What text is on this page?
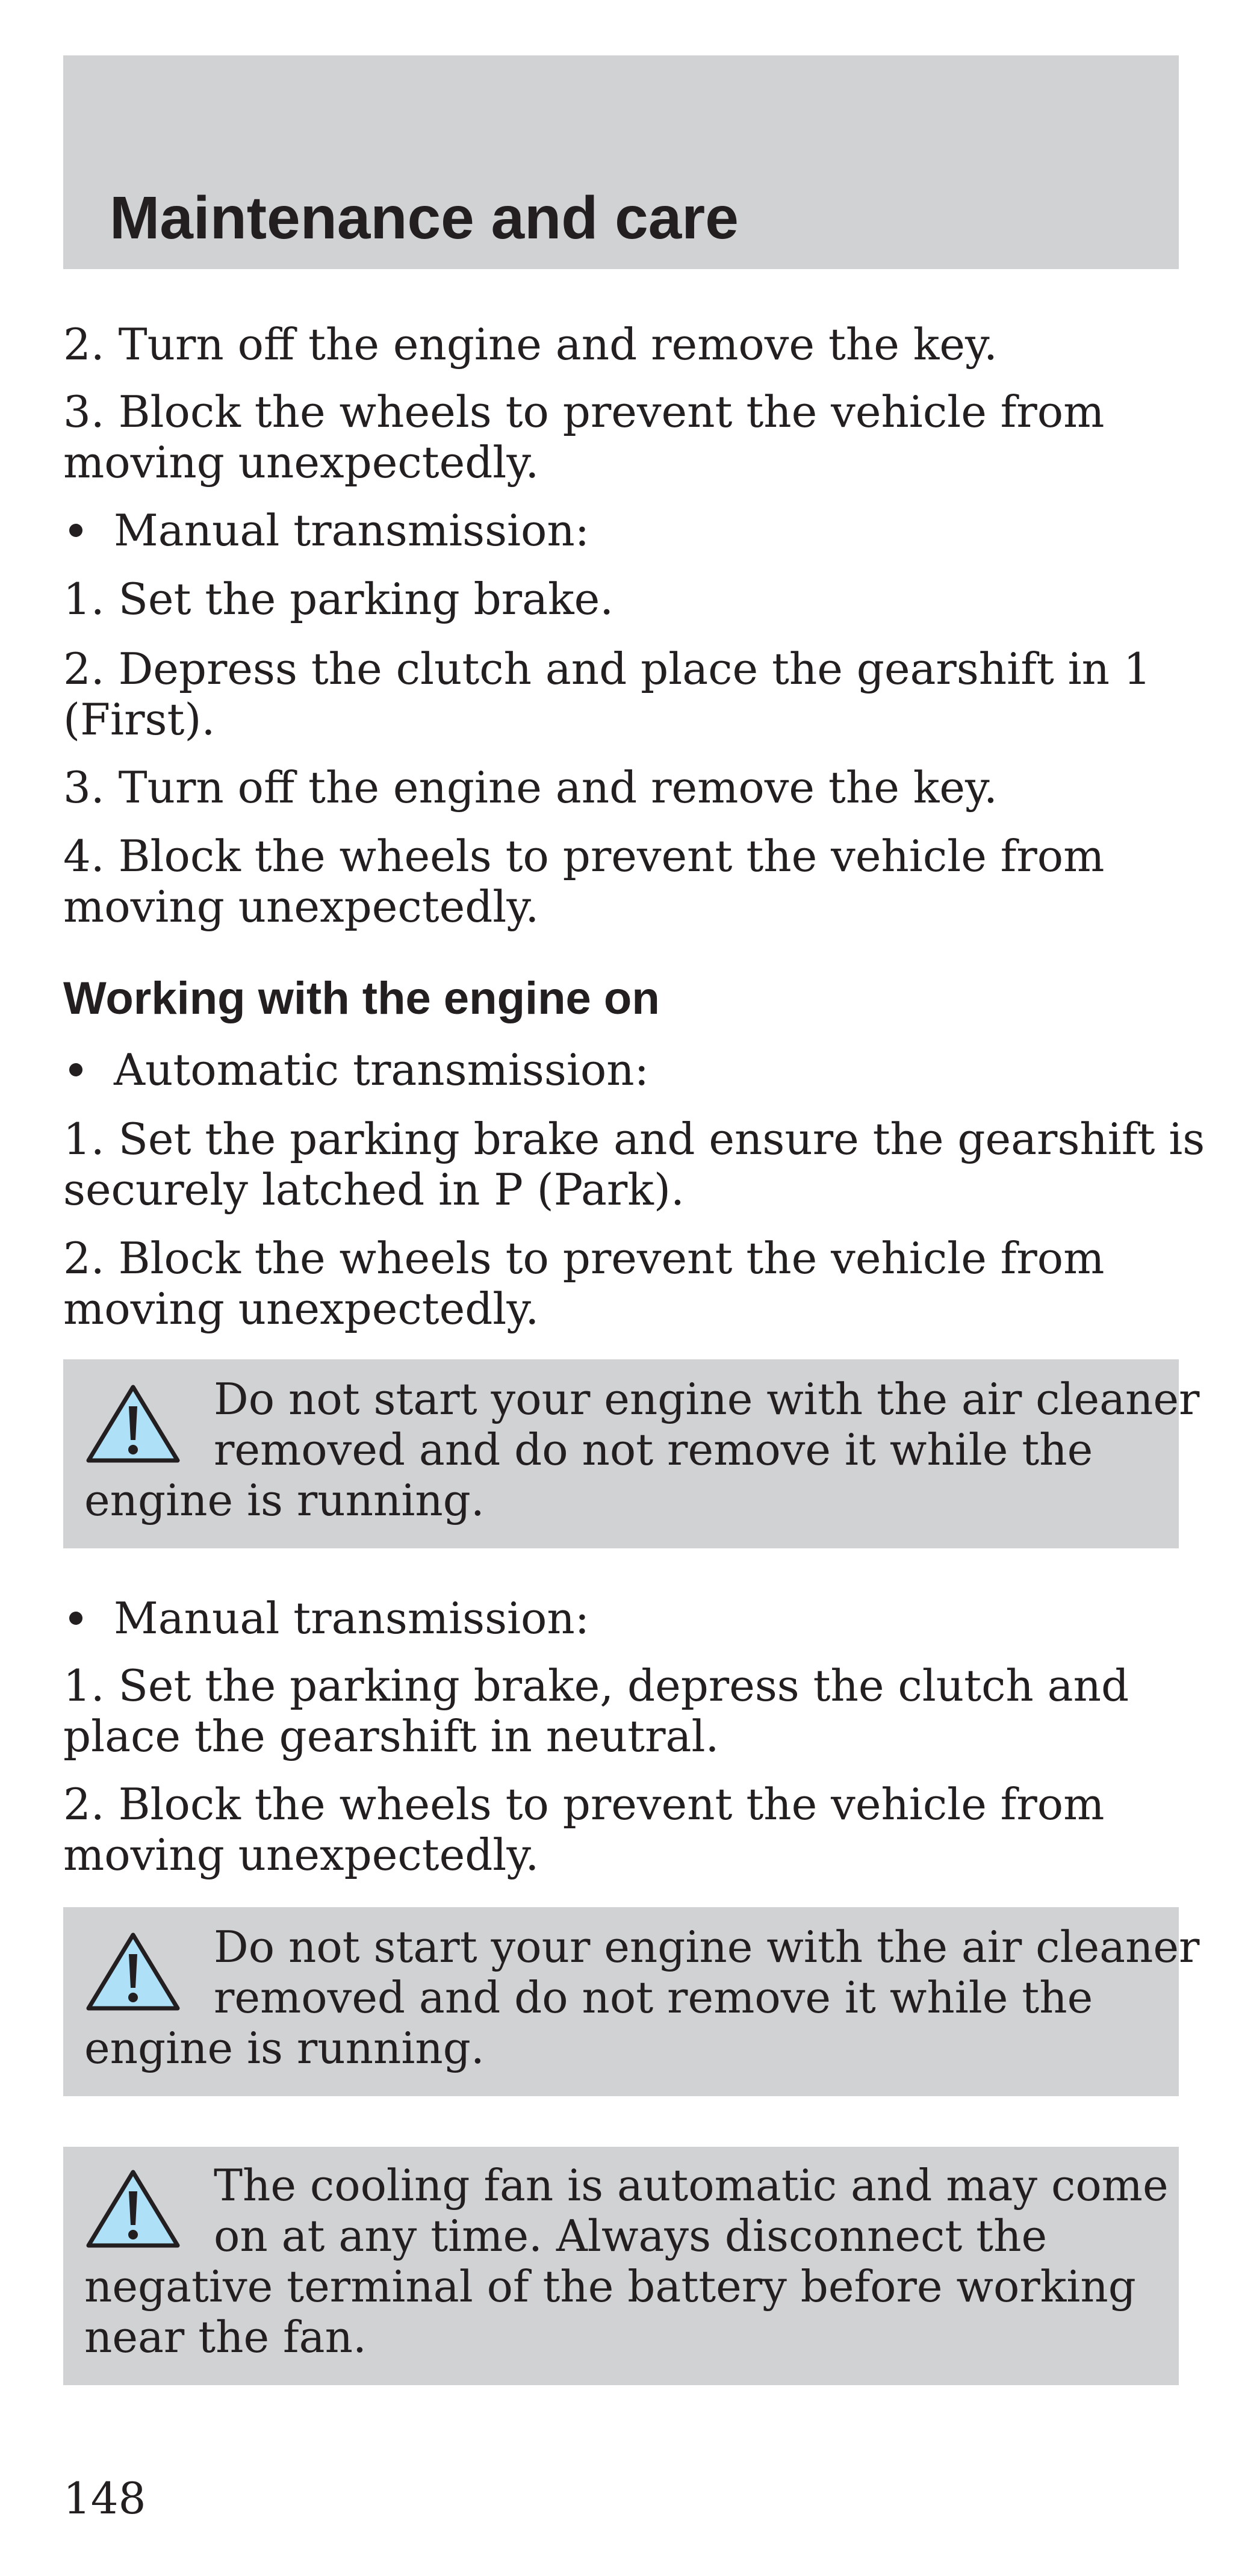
Maintenance and care
2. Turn off the engine and remove the key.
3. Block the wheels to prevent the vehicle from
moving unexpectedly.
Manual transmission:
1. Set the parking brake.
2. Depress the clutch and place the gearshift in 1
(First).
3. Turn off the engine and remove the key.
4. Block the wheels to prevent the vehicle from
moving unexpectedly.
Working with the engine on
Automatic transmission:
1. Set the parking brake and ensure the gearshift is
securely latched in P (Park).
2. Block the wheels to prevent the vehicle from
moving unexpectedly.
Manual transmission:
1. Set the parking brake, depress the clutch and
place the gearshift in neutral.
2. Block the wheels to prevent the vehicle from
moving unexpectedly.
Do not start your engine with the air cleaner
removed and do not remove it while the
engine is running.
Do not start your engine with the air cleaner
removed and do not remove it while the
engine is running.
The cooling fan is automatic and may come
on at any time. Always disconnect the
negative terminal of the battery before working
near the fan.
148
